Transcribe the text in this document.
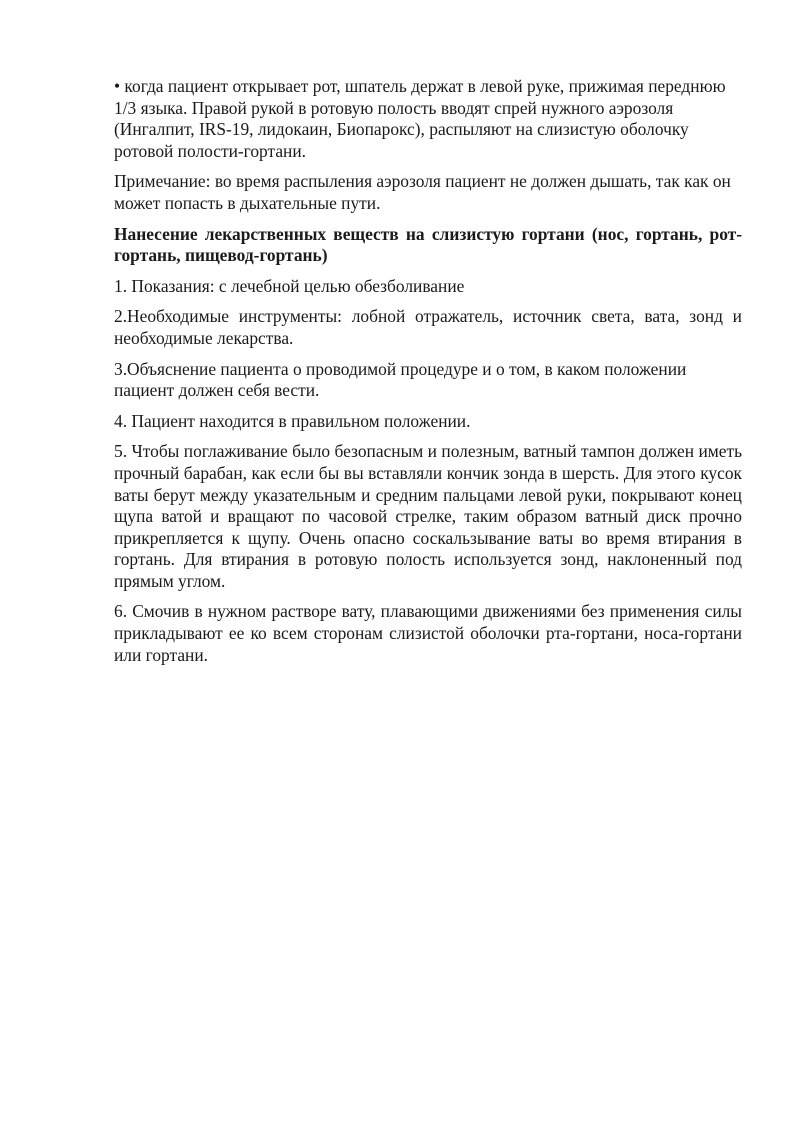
• когда пациент открывает рот, шпатель держат в левой руке, прижимая переднюю 1/3 языка. Правой рукой в ротовую полость вводят спрей нужного аэрозоля (Ингалпит, IRS-19, лидокаин, Биопарокс), распыляют на слизистую оболочку ротовой полости-гортани.

Примечание: во время распыления аэрозоля пациент не должен дышать, так как он может попасть в дыхательные пути.

Нанесение лекарственных веществ на слизистую гортани (нос, гортань, рот-гортань, пищевод-гортань)

1. Показания: с лечебной целью обезболивание

2.Необходимые инструменты: лобной отражатель, источник света, вата, зонд и необходимые лекарства.

3.Объяснение пациента о проводимой процедуре и о том, в каком положении пациент должен себя вести.

4. Пациент находится в правильном положении.

5. Чтобы поглаживание было безопасным и полезным, ватный тампон должен иметь прочный барабан, как если бы вы вставляли кончик зонда в шерсть. Для этого кусок ваты берут между указательным и средним пальцами левой руки, покрывают конец щупа ватой и вращают по часовой стрелке, таким образом ватный диск прочно прикрепляется к щупу. Очень опасно соскальзывание ваты во время втирания в гортань. Для втирания в ротовую полость используется зонд, наклоненный под прямым углом.

6. Смочив в нужном растворе вату, плавающими движениями без применения силы прикладывают ее ко всем сторонам слизистой оболочки рта-гортани, носа-гортани или гортани.
